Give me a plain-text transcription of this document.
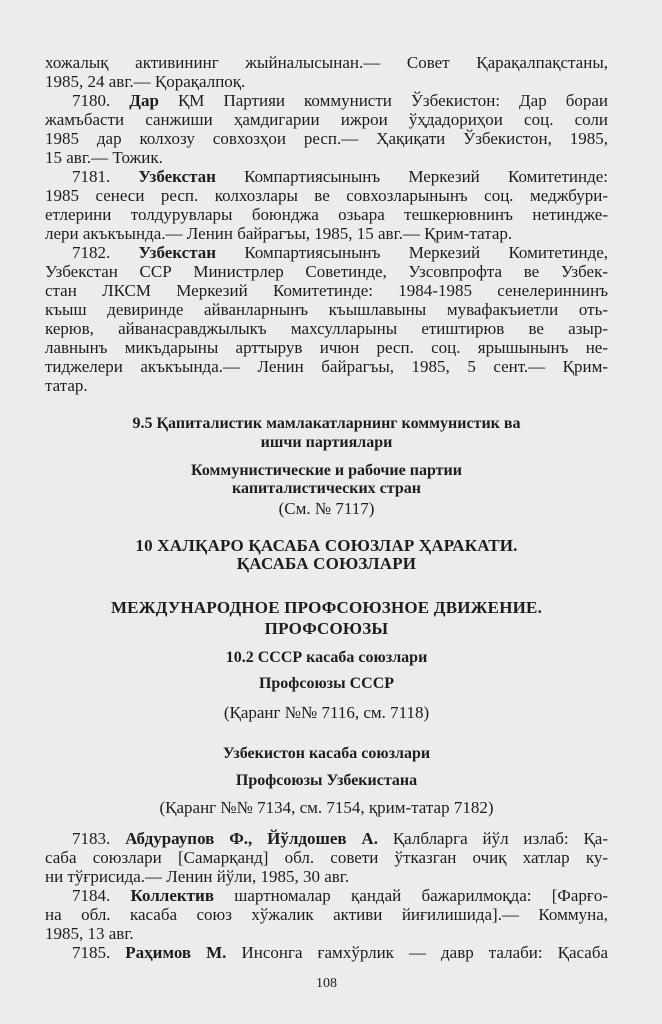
хожалық активининг жыйналысынан.— Совет Қарақалпақстаны,
1985, 24 авг.— Қорақалпоқ.
7180. Дар ҚМ Партияи коммунисти Ўзбекистон: Дар бораи
жамъбасти санжиши ҳамдигарии ижрои ўҳдадориҳои соц. соли
1985 дар колхозу совхозҳои респ.— Ҳақиқати Ўзбекистон, 1985,
15 авг.— Тожик.
7181. Узбекстан Компартиясынынъ Меркезий Комитетинде:
1985 сенеси респ. колхозлары ве совхозларынынъ соц. меджбури-
етлерини толдурувлары боюнджа озьара тешкерювнинъ нетиндже-
лери акъкъында.— Ленин байрагъы, 1985, 15 авг.— Қрим-татар.
7182. Узбекстан Компартиясынынъ Меркезий Комитетинде,
Узбекстан ССР Министрлер Советинде, Узсовпрофта ве Узбек-
стан ЛКСМ Меркезий Комитетинде: 1984-1985 сенелериннинъ
къыш девиринде айванларнынъ къышлавыны мувафакъиетли оть-
керюв, айванасравджылыкъ махсулларыны етиштирюв ве азыр-
лавнынъ микъдарыны арттырув ичюн респ. соц. ярышынынъ не-
тиджелери акъкъында.— Ленин байрагъы, 1985, 5 сент.— Қрим-
татар.
9.5 Қапиталистик мамлакатларнинг коммунистик ва
ишчи партиялари
Коммунистические и рабочие партии
капиталистических стран
(См. № 7117)
10 ХАЛҚАРО ҚАСАБА СОЮЗЛАР ҲАРАКАТИ.
ҚАСАБА СОЮЗЛАРИ
МЕЖДУНАРОДНОЕ ПРОФСОЮЗНОЕ ДВИЖЕНИЕ.
ПРОФСОЮЗЫ
10.2 СССР касаба союзлари
Профсоюзы СССР
(Қаранг №№ 7116, см. 7118)
Узбекистон касаба союзлари
Профсоюзы Узбекистана
(Қаранг №№ 7134, см. 7154, қрим-татар 7182)
7183. Абдураупов Ф., Йўлдошев А. Қалбларга йўл излаб: Қа-
саба союзлари [Самарқанд] обл. совети ўтказган очиқ хатлар ку-
ни тўғрисида.— Ленин йўли, 1985, 30 авг.
7184. Коллектив шартномалар қандай бажарилмоқда: [Фарғо-
на обл. касаба союз хўжалик активи йиғилишида].— Коммуна,
1985, 13 авг.
7185. Раҳимов М. Инсонга ғамхўрлик — давр талаби: Қасаба
108
